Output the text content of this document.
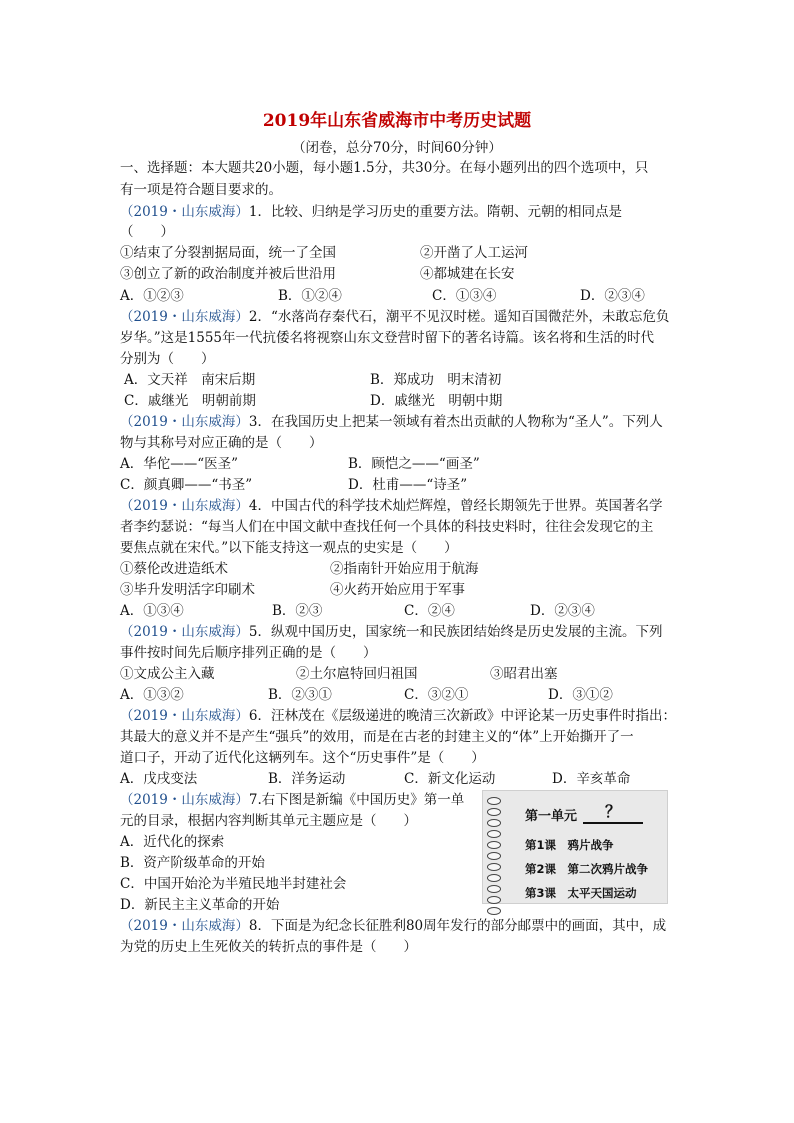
2019年山东省威海市中考历史试题
（闭卷，总分70分，时间60分钟）
一、选择题：本大题共20小题，每小题1.5分，共30分。在每小题列出的四个选项中，只
有一项是符合题目要求的。
（2019・山东威海）1．比较、归纳是学习历史的重要方法。隋朝、元朝的相同点是
（　　）
①结束了分裂割据局面，统一了全国	②开凿了人工运河
③创立了新的政治制度并被后世沿用	④都城建在长安
A．①②③	B．①②④	C．①③④	D．②③④
（2019・山东威海）2．“水落尚存秦代石，潮平不见汉时槎。遥知百国微茫外，未敢忘危负
岁华。”这是1555年一代抗倭名将视察山东文登营时留下的著名诗篇。该名将和生活的时代
分别为（　　）
A．文天祥　南宋后期	B．郑成功　明末清初
C．戚继光　明朝前期	D．戚继光　明朝中期
（2019・山东威海）3．在我国历史上把某一领域有着杰出贡献的人物称为“圣人”。下列人
物与其称号对应正确的是（　　）
A．华佗——“医圣”	B．顾恺之——“画圣”
C．颜真卿——“书圣”	D．杜甫——“诗圣”
（2019・山东威海）4．中国古代的科学技术灿烂辉煌，曾经长期领先于世界。英国著名学
者李约瑟说：“每当人们在中国文献中查找任何一个具体的科技史料时，往往会发现它的主
要焦点就在宋代。”以下能支持这一观点的史实是（　　）
①蔡伦改进造纸术	②指南针开始应用于航海
③毕升发明活字印刷术	④火药开始应用于军事
A．①③④	B．②③	C．②④	D．②③④
（2019・山东威海）5．纵观中国历史，国家统一和民族团结始终是历史发展的主流。下列
事件按时间先后顺序排列正确的是（　　）
①文成公主入藏	②土尔扈特回归祖国	③昭君出塞
A．①③②	B．②③①	C．③②①	D．③①②
（2019・山东威海）6．汪林茂在《层级递进的晚清三次新政》中评论某一历史事件时指出：
其最大的意义并不是产生“强兵”的效用，而是在古老的封建主义的“体”上开始撕开了一
道口子，开动了近代化这辆列车。这个“历史事件”是（　　）
A．戊戌变法	B．洋务运动	C．新文化运动	D．辛亥革命
（2019・山东威海）7.右下图是新编《中国历史》第一单
元的目录，根据内容判断其单元主题应是（　　）
A．近代化的探索
B．资产阶级革命的开始
C．中国开始沦为半殖民地半封建社会
D．新民主主义革命的开始
第一单元	？
第1课　鸦片战争
第2课　第二次鸦片战争
第3课　太平天国运动
（2019・山东威海）8．下面是为纪念长征胜利80周年发行的部分邮票中的画面，其中，成
为党的历史上生死攸关的转折点的事件是（　　）
